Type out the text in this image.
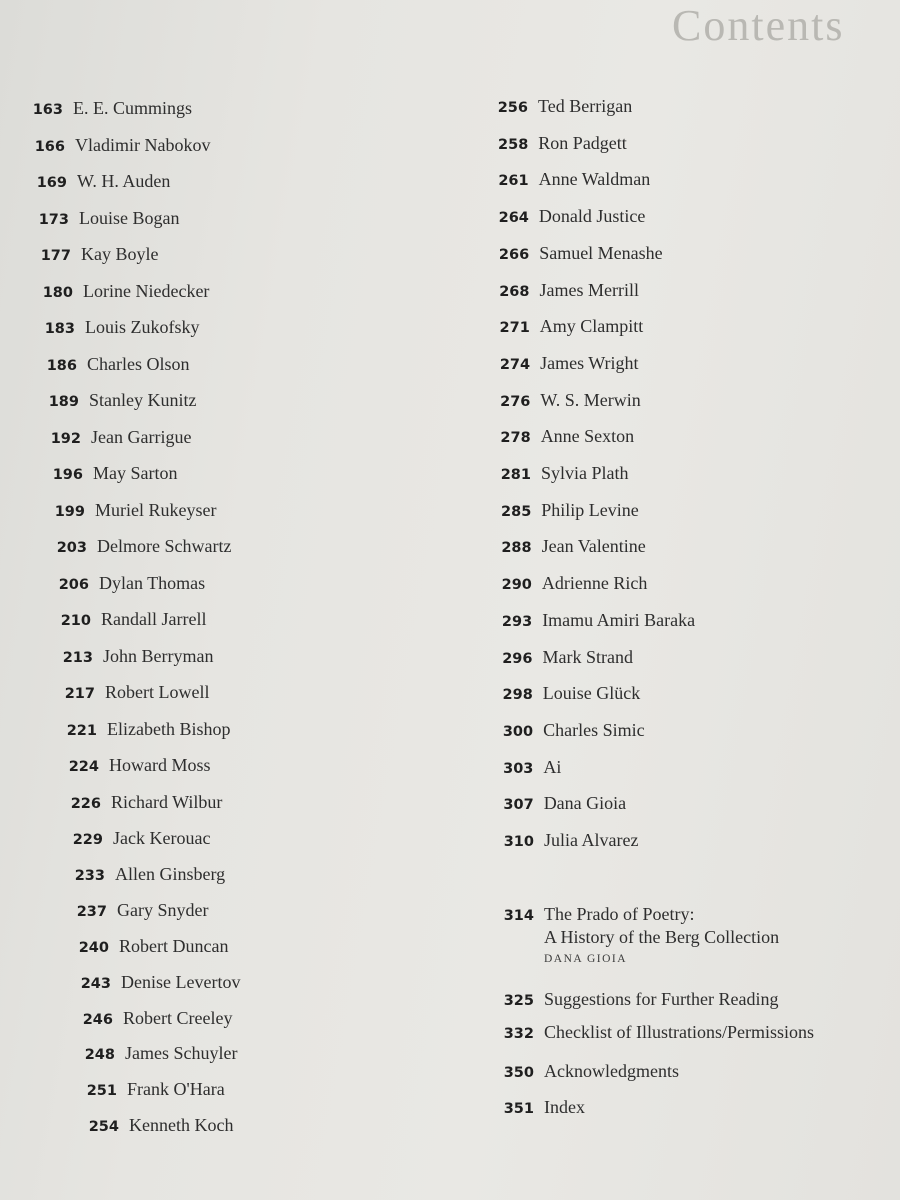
Contents
163 E. E. Cummings
166 Vladimir Nabokov
169 W. H. Auden
173 Louise Bogan
177 Kay Boyle
180 Lorine Niedecker
183 Louis Zukofsky
186 Charles Olson
189 Stanley Kunitz
192 Jean Garrigue
196 May Sarton
199 Muriel Rukeyser
203 Delmore Schwartz
206 Dylan Thomas
210 Randall Jarrell
213 John Berryman
217 Robert Lowell
221 Elizabeth Bishop
224 Howard Moss
226 Richard Wilbur
229 Jack Kerouac
233 Allen Ginsberg
237 Gary Snyder
240 Robert Duncan
243 Denise Levertov
246 Robert Creeley
248 James Schuyler
251 Frank O'Hara
254 Kenneth Koch
256 Ted Berrigan
258 Ron Padgett
261 Anne Waldman
264 Donald Justice
266 Samuel Menashe
268 James Merrill
271 Amy Clampitt
274 James Wright
276 W. S. Merwin
278 Anne Sexton
281 Sylvia Plath
285 Philip Levine
288 Jean Valentine
290 Adrienne Rich
293 Imamu Amiri Baraka
296 Mark Strand
298 Louise Glück
300 Charles Simic
303 Ai
307 Dana Gioia
310 Julia Alvarez
314 The Prado of Poetry:
A History of the Berg Collection
DANA GIOIA
325 Suggestions for Further Reading
332 Checklist of Illustrations/Permissions
350 Acknowledgments
351 Index
